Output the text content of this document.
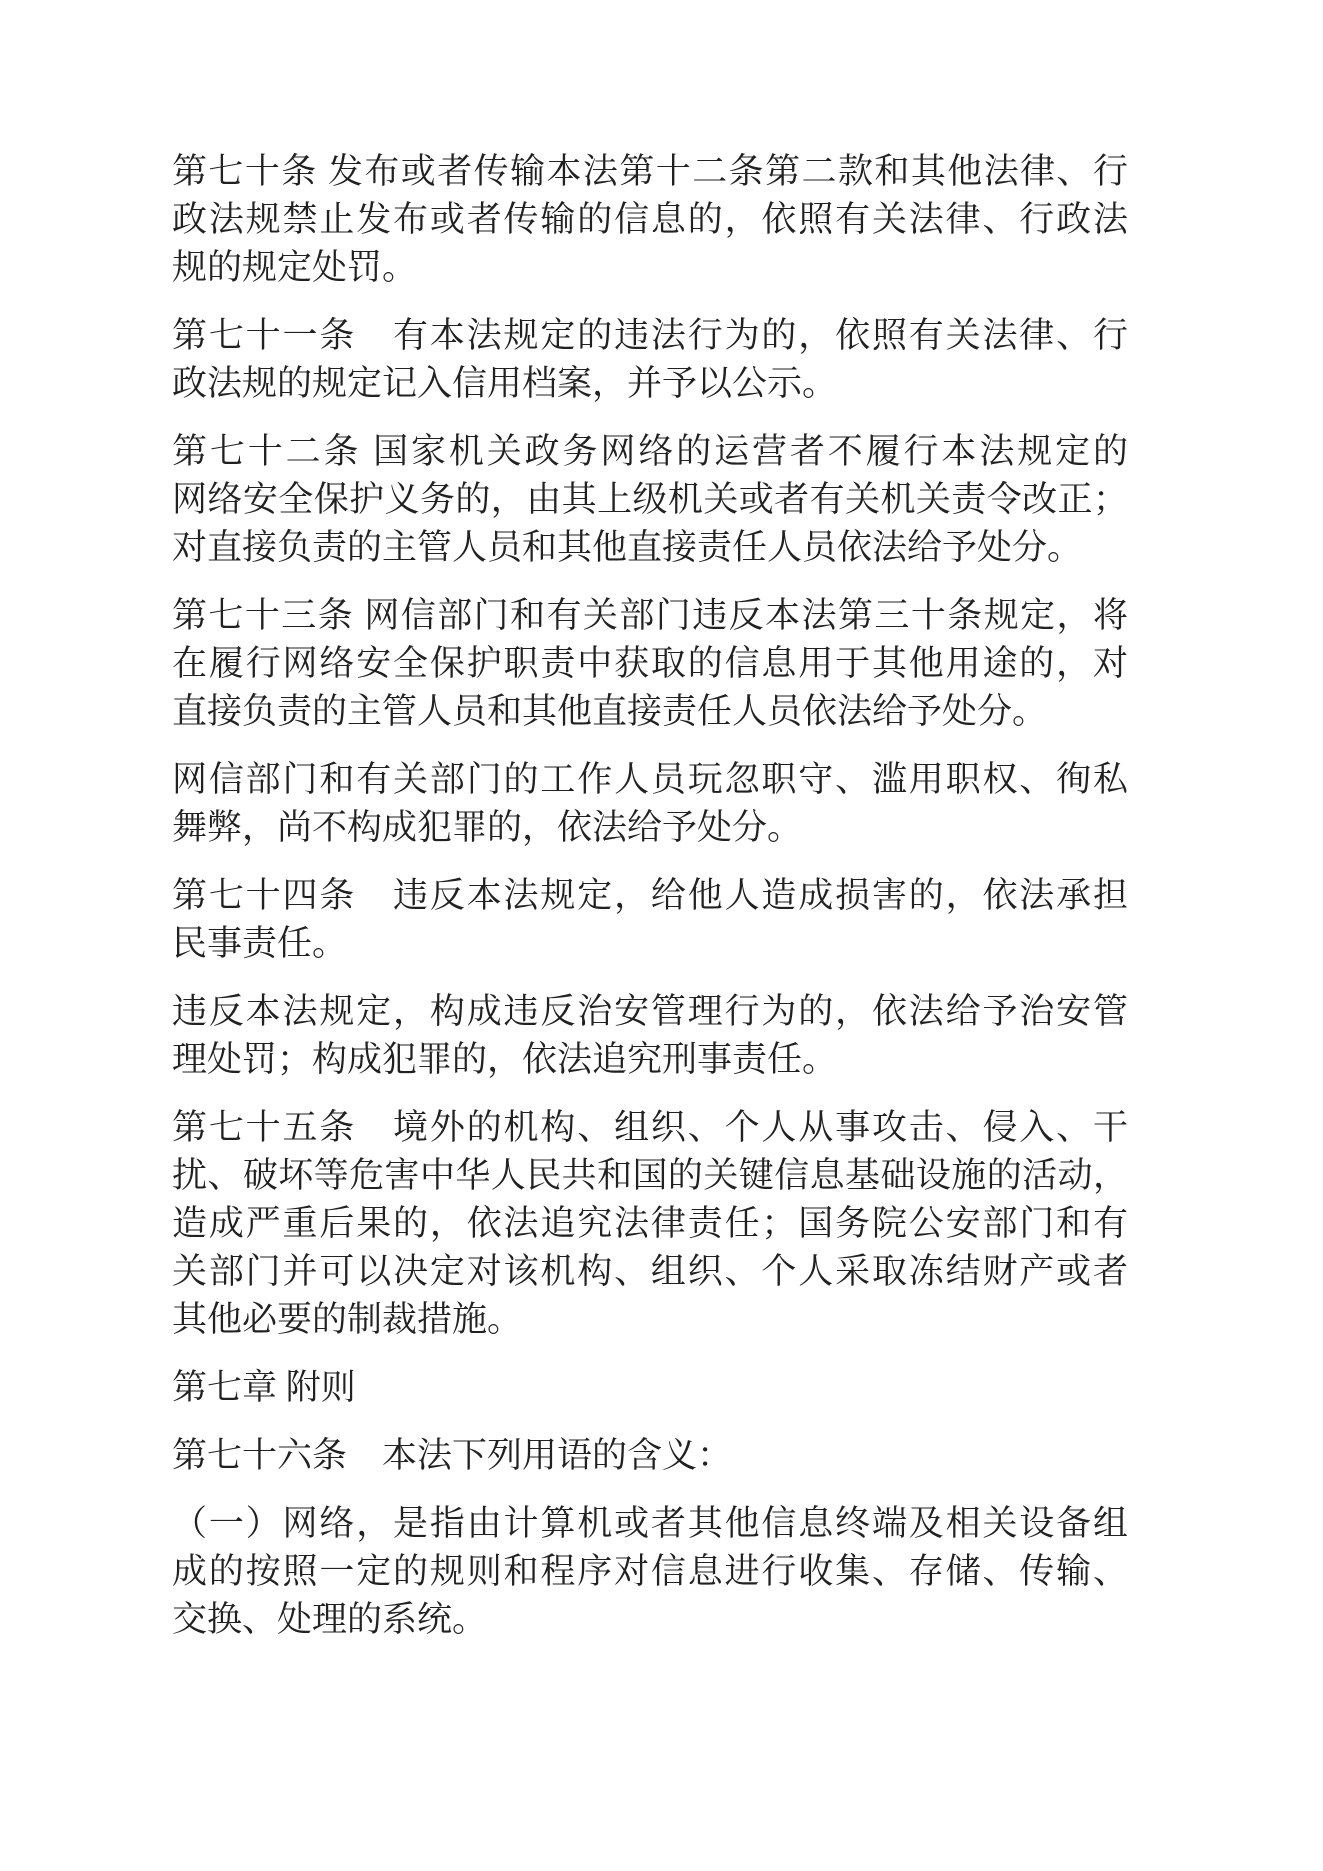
第七十条 发布或者传输本法第十二条第二款和其他法律、行
政法规禁止发布或者传输的信息的，依照有关法律、行政法
规的规定处罚。

第七十一条　有本法规定的违法行为的，依照有关法律、行
政法规的规定记入信用档案，并予以公示。

第七十二条 国家机关政务网络的运营者不履行本法规定的
网络安全保护义务的，由其上级机关或者有关机关责令改正；
对直接负责的主管人员和其他直接责任人员依法给予处分。

第七十三条 网信部门和有关部门违反本法第三十条规定，将
在履行网络安全保护职责中获取的信息用于其他用途的，对
直接负责的主管人员和其他直接责任人员依法给予处分。

网信部门和有关部门的工作人员玩忽职守、滥用职权、徇私
舞弊，尚不构成犯罪的，依法给予处分。

第七十四条　违反本法规定，给他人造成损害的，依法承担
民事责任。

违反本法规定，构成违反治安管理行为的，依法给予治安管
理处罚；构成犯罪的，依法追究刑事责任。

第七十五条　境外的机构、组织、个人从事攻击、侵入、干
扰、破坏等危害中华人民共和国的关键信息基础设施的活动，
造成严重后果的，依法追究法律责任；国务院公安部门和有
关部门并可以决定对该机构、组织、个人采取冻结财产或者
其他必要的制裁措施。

第七章 附则

第七十六条　本法下列用语的含义：

（一）网络，是指由计算机或者其他信息终端及相关设备组
成的按照一定的规则和程序对信息进行收集、存储、传输、
交换、处理的系统。
